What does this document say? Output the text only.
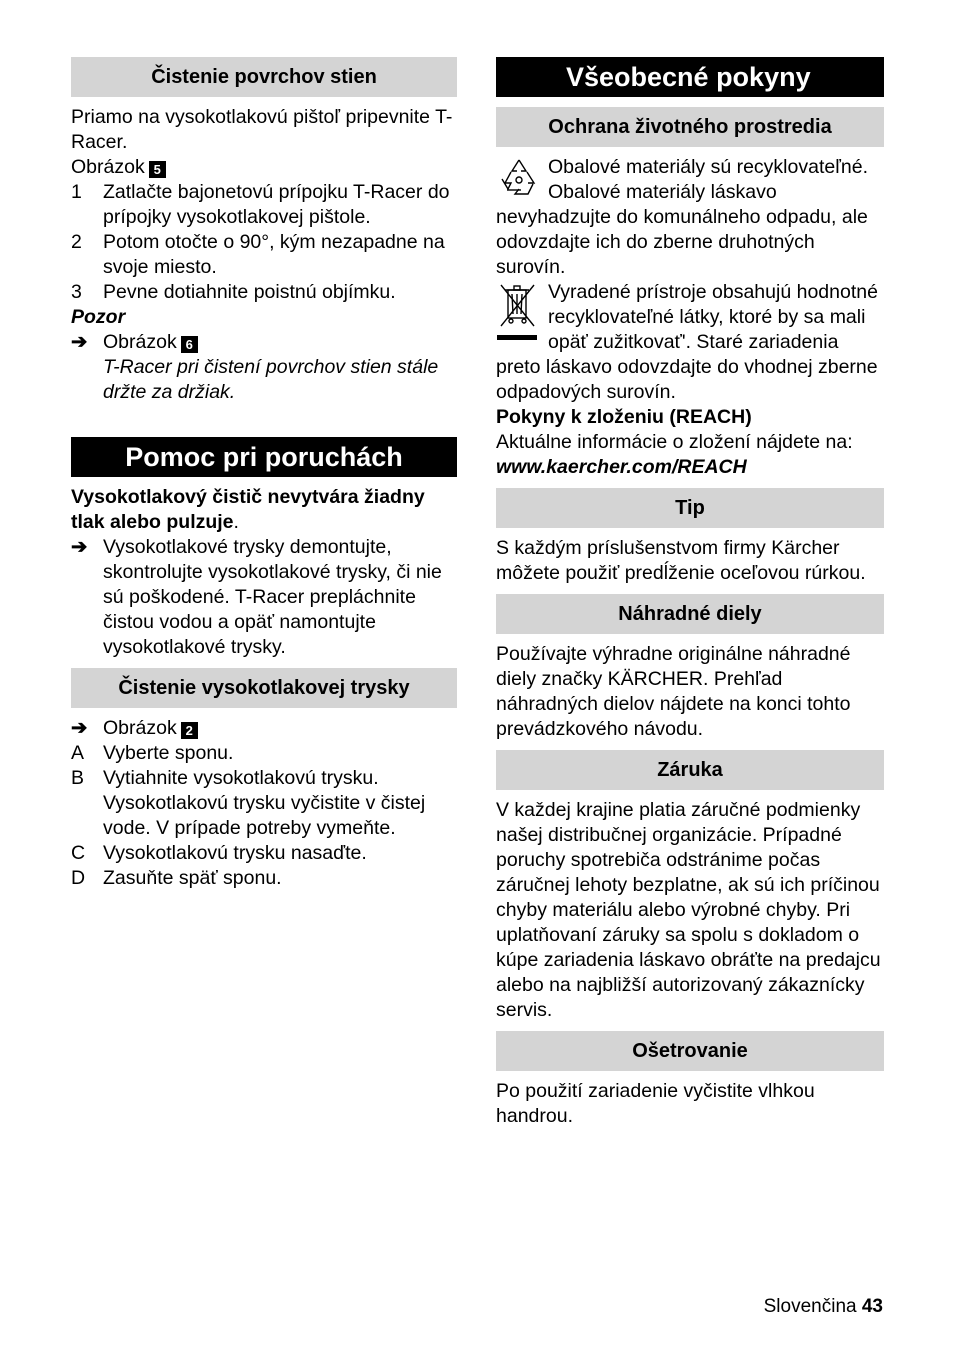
Čistenie povrchov stien
Priamo na vysokotlakovú pištoľ pripevnite T-Racer.
Obrázok 5
1	Zatlačte bajonetovú prípojku T-Racer do prípojky vysokotlakovej pištole.
2	Potom otočte o 90°, kým nezapadne na svoje miesto.
3	Pevne dotiahnite poistnú objímku.
Pozor
➔ Obrázok 6
T-Racer pri čistení povrchov stien stále držte za držiak.
Pomoc pri poruchách
Vysokotlakový čistič nevytvára žiadny tlak alebo pulzuje.
➔ Vysokotlakové trysky demontujte, skontrolujte vysokotlakové trysky, či nie sú poškodené. T-Racer prepláchnite čistou vodou a opäť namontujte vysokotlakové trysky.
Čistenie vysokotlakovej trysky
➔ Obrázok 2
A Vyberte sponu.
B Vytiahnite vysokotlakovú trysku. Vysokotlakovú trysku vyčistite v čistej vode. V prípade potreby vymeňte.
C Vysokotlakovú trysku nasaďte.
D Zasuňte späť sponu.
Všeobecné pokyny
Ochrana životného prostredia
Obalové materiály sú recyklovateľné. Obalové materiály láskavo nevyhadzujte do komunálneho odpadu, ale odovzdajte ich do zberne druhotných surovín.
Vyradené prístroje obsahujú hodnotné recyklovateľné látky, ktoré by sa mali opäť zužitkovať'. Staré zariadenia preto láskavo odovzdajte do vhodnej zberne odpadových surovín.
Pokyny k zloženiu (REACH)
Aktuálne informácie o zložení nájdete na:
www.kaercher.com/REACH
Tip
S každým príslušenstvom firmy Kärcher môžete použiť predĺženie oceľovou rúrkou.
Náhradné diely
Používajte výhradne originálne náhradné diely značky KÄRCHER. Prehľad náhradných dielov nájdete na konci tohto prevádzkového návodu.
Záruka
V každej krajine platia záručné podmienky našej distribučnej organizácie. Prípadné poruchy spotrebiča odstránime počas záručnej lehoty bezplatne, ak sú ich príčinou chyby materiálu alebo výrobné chyby. Pri uplatňovaní záruky sa spolu s dokladom o kúpe zariadenia láskavo obráťte na predajcu alebo na najbližší autorizovaný zákaznícky servis.
Ošetrovanie
Po použití zariadenie vyčistite vlhkou handrou.
Slovenčina 43
